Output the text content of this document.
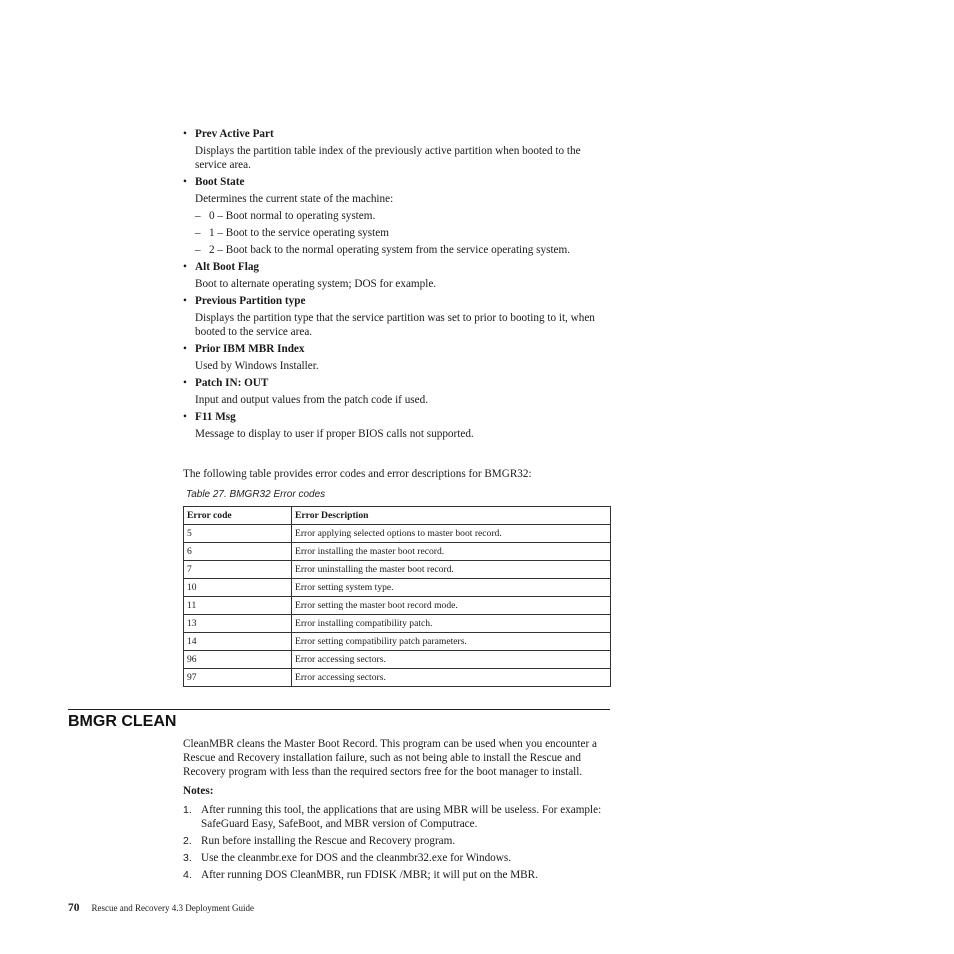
• Prev Active Part
Displays the partition table index of the previously active partition when booted to the service area.
• Boot State
Determines the current state of the machine:
– 0 – Boot normal to operating system.
– 1 – Boot to the service operating system
– 2 – Boot back to the normal operating system from the service operating system.
• Alt Boot Flag
Boot to alternate operating system; DOS for example.
• Previous Partition type
Displays the partition type that the service partition was set to prior to booting to it, when booted to the service area.
• Prior IBM MBR Index
Used by Windows Installer.
• Patch IN: OUT
Input and output values from the patch code if used.
• F11 Msg
Message to display to user if proper BIOS calls not supported.
The following table provides error codes and error descriptions for BMGR32:
Table 27. BMGR32 Error codes
Error code	Error Description
5	Error applying selected options to master boot record.
6	Error installing the master boot record.
7	Error uninstalling the master boot record.
10	Error setting system type.
11	Error setting the master boot record mode.
13	Error installing compatibility patch.
14	Error setting compatibility patch parameters.
96	Error accessing sectors.
97	Error accessing sectors.
BMGR CLEAN

CleanMBR cleans the Master Boot Record. This program can be used when you encounter a Rescue and Recovery installation failure, such as not being able to install the Rescue and Recovery program with less than the required sectors free for the boot manager to install.

Notes:
1. After running this tool, the applications that are using MBR will be useless. For example: SafeGuard Easy, SafeBoot, and MBR version of Computrace.
2. Run before installing the Rescue and Recovery program.
3. Use the cleanmbr.exe for DOS and the cleanmbr32.exe for Windows.
4. After running DOS CleanMBR, run FDISK /MBR; it will put on the MBR.
70 Rescue and Recovery 4.3 Deployment Guide
